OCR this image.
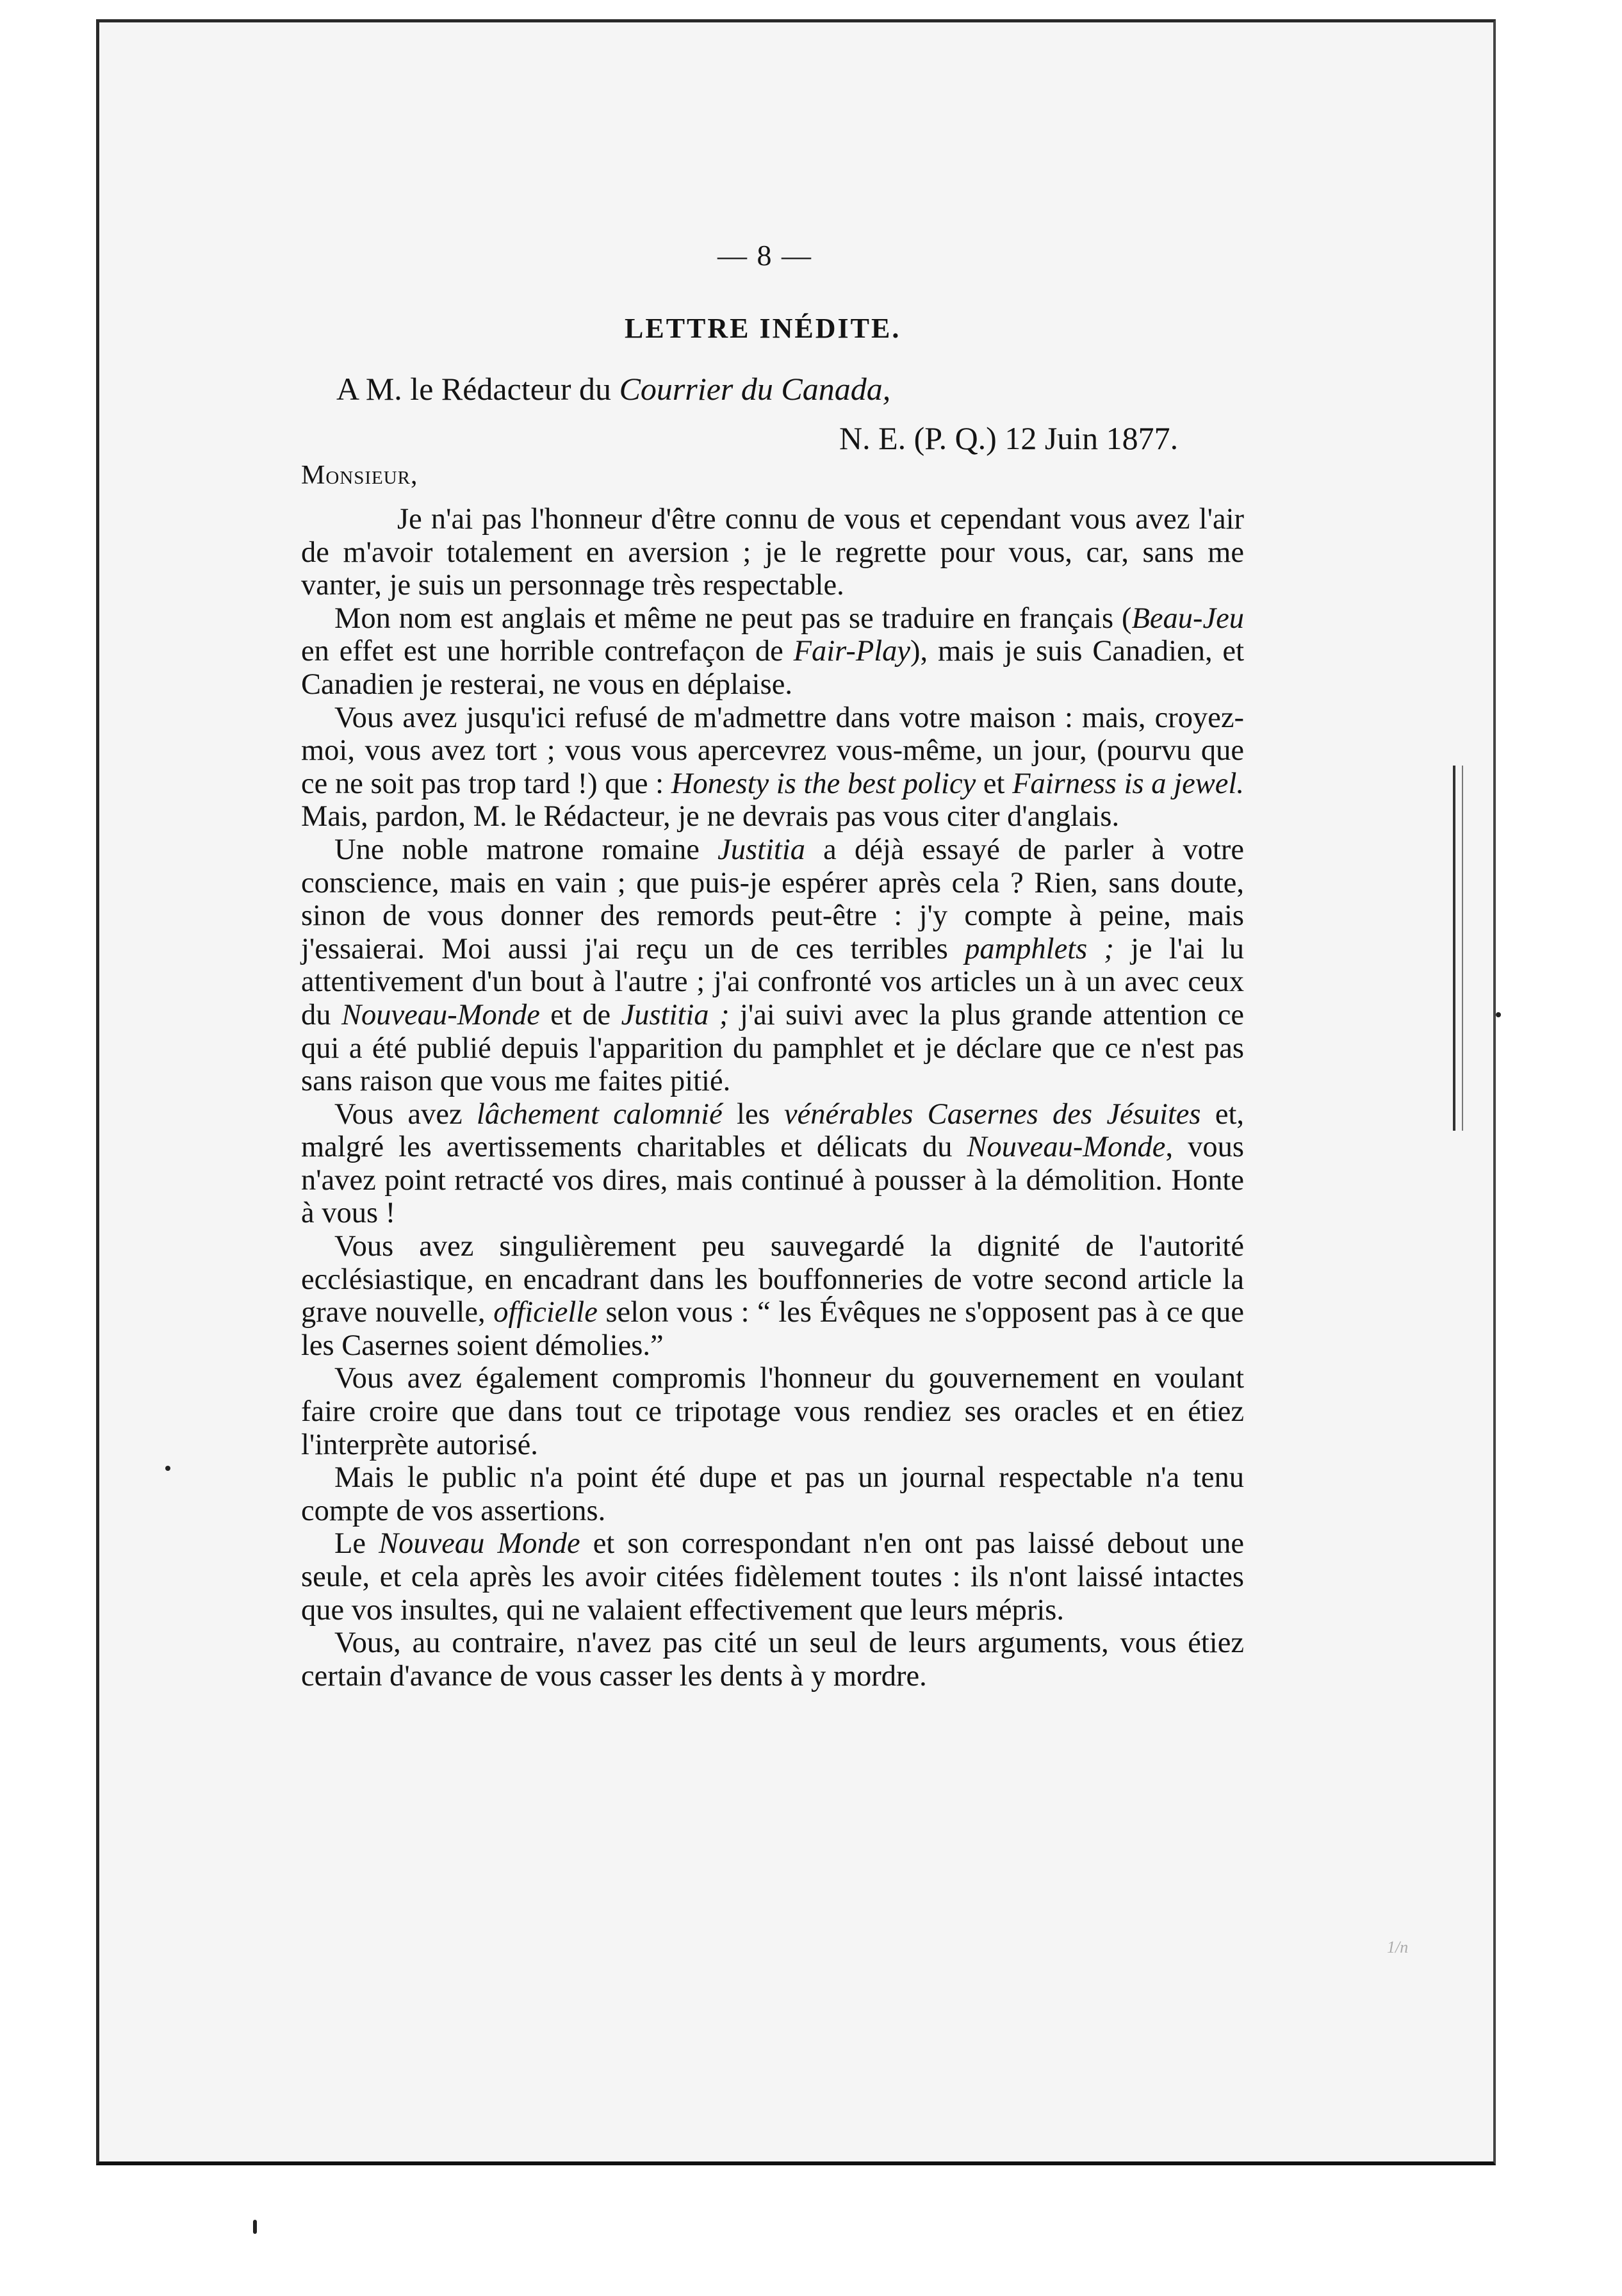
— 8 —
LETTRE INÉDITE.
A M. le Rédacteur du Courrier du Canada,
N. E. (P. Q.) 12 Juin 1877.
Monsieur,

Je n'ai pas l'honneur d'être connu de vous et cependant vous avez l'air de m'avoir totalement en aversion ; je le regrette pour vous, car, sans me vanter, je suis un personnage très respectable.

Mon nom est anglais et même ne peut pas se traduire en français (Beau-Jeu en effet est une horrible contrefaçon de Fair-Play), mais je suis Canadien, et Canadien je resterai, ne vous en déplaise.

Vous avez jusqu'ici refusé de m'admettre dans votre maison : mais, croyez-moi, vous avez tort ; vous vous apercevrez vous-même, un jour, (pourvu que ce ne soit pas trop tard !) que : Honesty is the best policy et Fairness is a jewel. Mais, pardon, M. le Rédacteur, je ne devrais pas vous citer d'anglais.

Une noble matrone romaine Justitia a déjà essayé de parler à votre conscience, mais en vain ; que puis-je espérer après cela ? Rien, sans doute, sinon de vous donner des remords peut-être : j'y compte à peine, mais j'essaierai. Moi aussi j'ai reçu un de ces terribles pamphlets ; je l'ai lu attentivement d'un bout à l'autre ; j'ai confronté vos articles un à un avec ceux du Nouveau-Monde et de Justitia ; j'ai suivi avec la plus grande attention ce qui a été publié depuis l'apparition du pamphlet et je déclare que ce n'est pas sans raison que vous me faites pitié.

Vous avez lâchement calomnié les vénérables Casernes des Jésuites et, malgré les avertissements charitables et délicats du Nouveau-Monde, vous n'avez point retracté vos dires, mais continué à pousser à la démolition. Honte à vous !

Vous avez singulièrement peu sauvegardé la dignité de l'autorité ecclésiastique, en encadrant dans les bouffonneries de votre second article la grave nouvelle, officielle selon vous : “ les Évêques ne s'opposent pas à ce que les Casernes soient démolies.”

Vous avez également compromis l'honneur du gouvernement en voulant faire croire que dans tout ce tripotage vous rendiez ses oracles et en étiez l'interprète autorisé.

Mais le public n'a point été dupe et pas un journal respectable n'a tenu compte de vos assertions.

Le Nouveau Monde et son correspondant n'en ont pas laissé debout une seule, et cela après les avoir citées fidèlement toutes : ils n'ont laissé intactes que vos insultes, qui ne valaient effectivement que leurs mépris.

Vous, au contraire, n'avez pas cité un seul de leurs arguments, vous étiez certain d'avance de vous casser les dents à y mordre.

1/n
